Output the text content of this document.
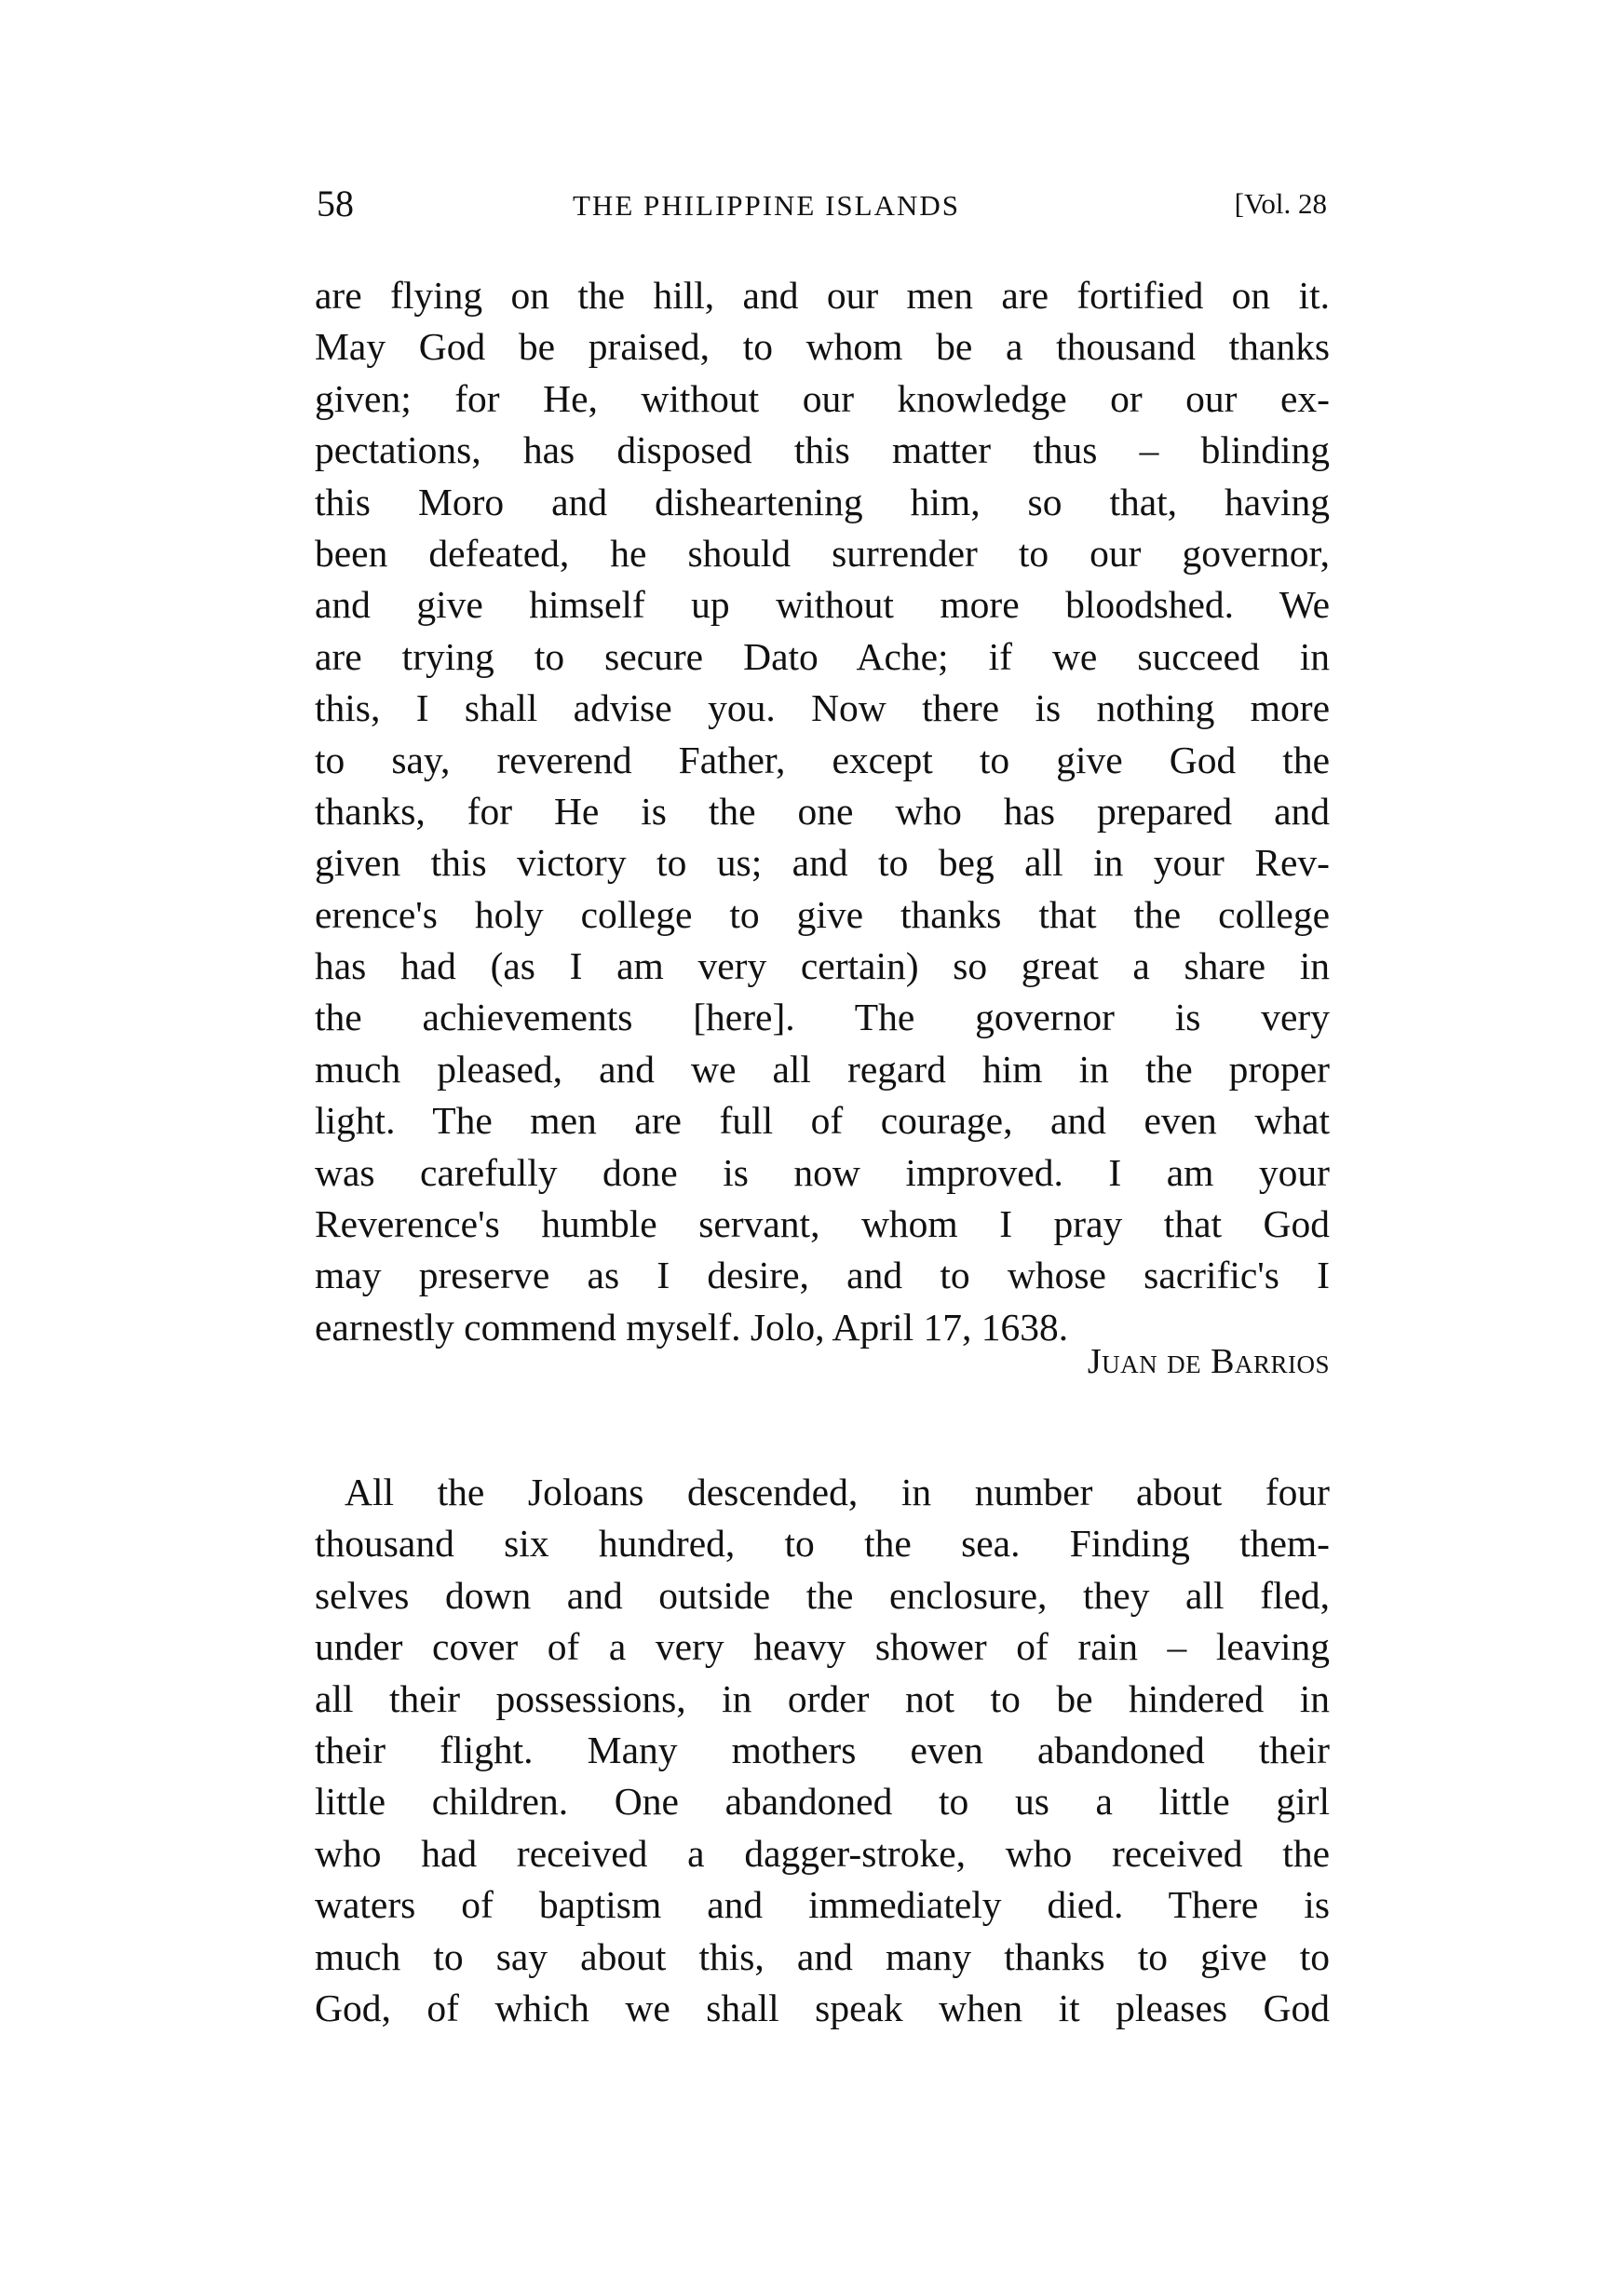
58	THE PHILIPPINE ISLANDS	[Vol. 28
are flying on the hill, and our men are fortified on it.
May God be praised, to whom be a thousand thanks
given; for He, without our knowledge or our ex-
pectations, has disposed this matter thus – blinding
this Moro and disheartening him, so that, having
been defeated, he should surrender to our governor,
and give himself up without more bloodshed. We
are trying to secure Dato Ache; if we succeed in
this, I shall advise you. Now there is nothing more
to say, reverend Father, except to give God the
thanks, for He is the one who has prepared and
given this victory to us; and to beg all in your Rev-
erence's holy college to give thanks that the college
has had (as I am very certain) so great a share in
the achievements [here]. The governor is very
much pleased, and we all regard him in the proper
light. The men are full of courage, and even what
was carefully done is now improved. I am your
Reverence's humble servant, whom I pray that God
may preserve as I desire, and to whose sacrific's I
earnestly commend myself. Jolo, April 17, 1638.
Juan de Barrios
All the Joloans descended, in number about four
thousand six hundred, to the sea. Finding them-
selves down and outside the enclosure, they all fled,
under cover of a very heavy shower of rain – leaving
all their possessions, in order not to be hindered in
their flight. Many mothers even abandoned their
little children. One abandoned to us a little girl
who had received a dagger-stroke, who received the
waters of baptism and immediately died. There is
much to say about this, and many thanks to give to
God, of which we shall speak when it pleases God
